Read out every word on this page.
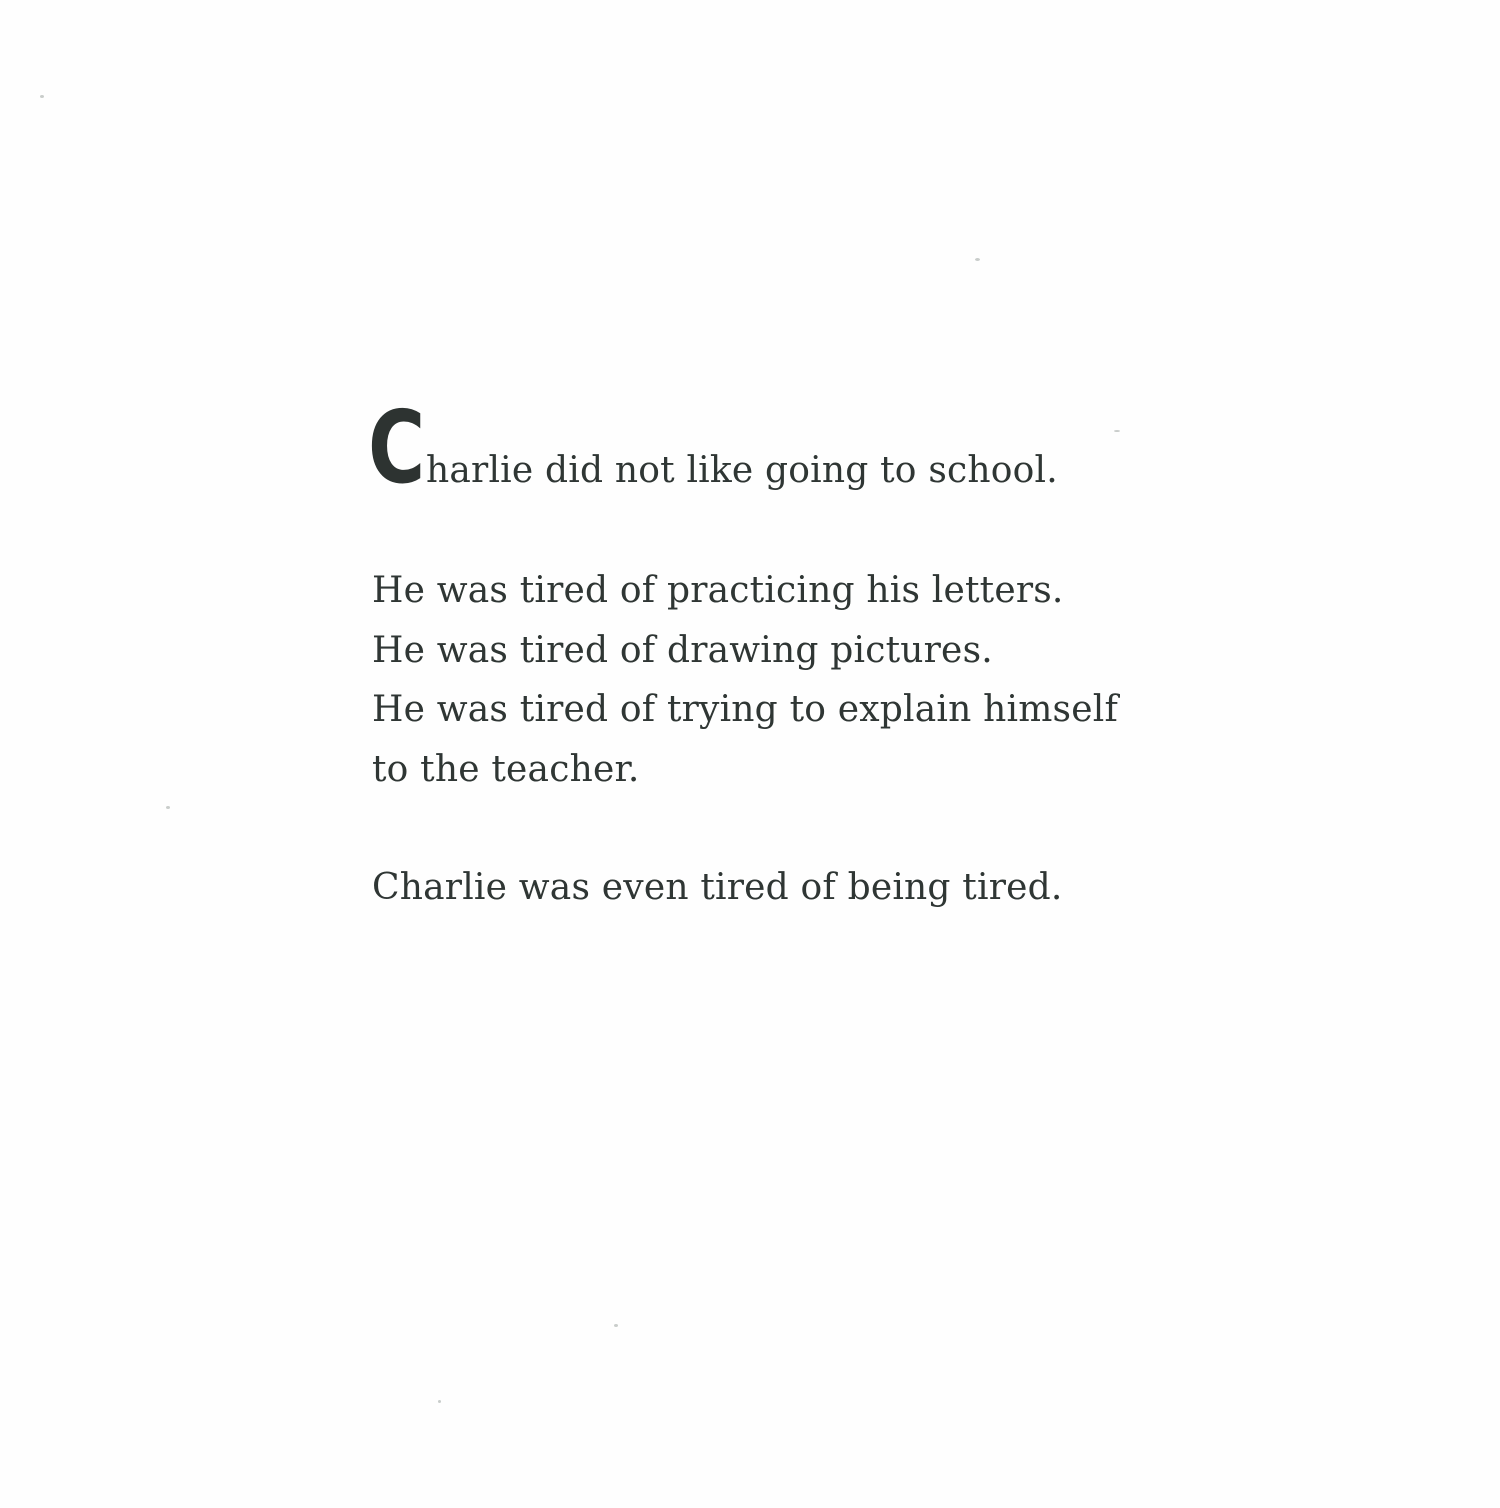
C harlie did not like going to school.

He was tired of practicing his letters.
He was tired of drawing pictures.
He was tired of trying to explain himself
to the teacher.

Charlie was even tired of being tired.
